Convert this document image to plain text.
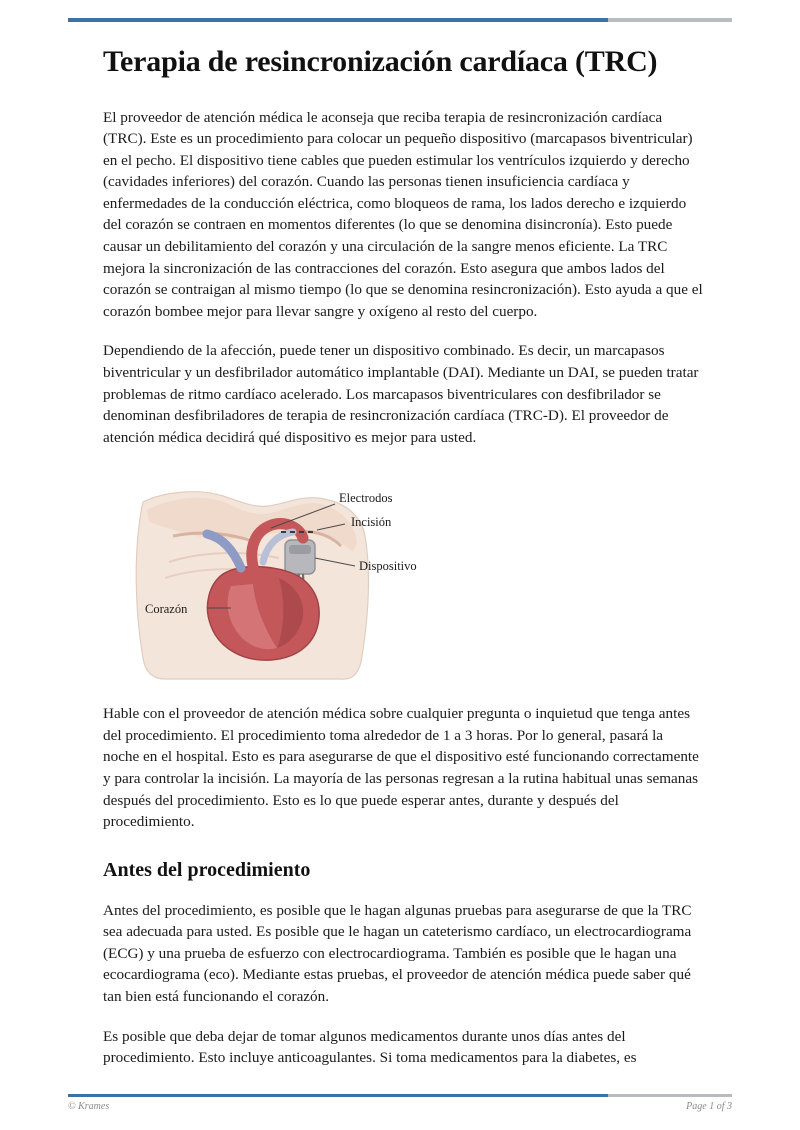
Terapia de resincronización cardíaca (TRC)

El proveedor de atención médica le aconseja que reciba terapia de resincronización cardíaca (TRC). Este es un procedimiento para colocar un pequeño dispositivo (marcapasos biventricular) en el pecho. El dispositivo tiene cables que pueden estimular los ventrículos izquierdo y derecho (cavidades inferiores) del corazón. Cuando las personas tienen insuficiencia cardíaca y enfermedades de la conducción eléctrica, como bloqueos de rama, los lados derecho e izquierdo del corazón se contraen en momentos diferentes (lo que se denomina disincronía). Esto puede causar un debilitamiento del corazón y una circulación de la sangre menos eficiente. La TRC mejora la sincronización de las contracciones del corazón. Esto asegura que ambos lados del corazón se contraigan al mismo tiempo (lo que se denomina resincronización). Esto ayuda a que el corazón bombee mejor para llevar sangre y oxígeno al resto del cuerpo.

Dependiendo de la afección, puede tener un dispositivo combinado. Es decir, un marcapasos biventricular y un desfibrilador automático implantable (DAI). Mediante un DAI, se pueden tratar problemas de ritmo cardíaco acelerado. Los marcapasos biventriculares con desfibrilador se denominan desfibriladores de terapia de resincronización cardíaca (TRC-D). El proveedor de atención médica decidirá qué dispositivo es mejor para usted.

Electrodos
Incisión
Dispositivo
Corazón

Hable con el proveedor de atención médica sobre cualquier pregunta o inquietud que tenga antes del procedimiento. El procedimiento toma alrededor de 1 a 3 horas. Por lo general, pasará la noche en el hospital. Esto es para asegurarse de que el dispositivo esté funcionando correctamente y para controlar la incisión. La mayoría de las personas regresan a la rutina habitual unas semanas después del procedimiento. Esto es lo que puede esperar antes, durante y después del procedimiento.

Antes del procedimiento

Antes del procedimiento, es posible que le hagan algunas pruebas para asegurarse de que la TRC sea adecuada para usted. Es posible que le hagan un cateterismo cardíaco, un electrocardiograma (ECG) y una prueba de esfuerzo con electrocardiograma. También es posible que le hagan una ecocardiograma (eco). Mediante estas pruebas, el proveedor de atención médica puede saber qué tan bien está funcionando el corazón.

Es posible que deba dejar de tomar algunos medicamentos durante unos días antes del procedimiento. Esto incluye anticoagulantes. Si toma medicamentos para la diabetes, es

© Krames	Page 1 of 3
